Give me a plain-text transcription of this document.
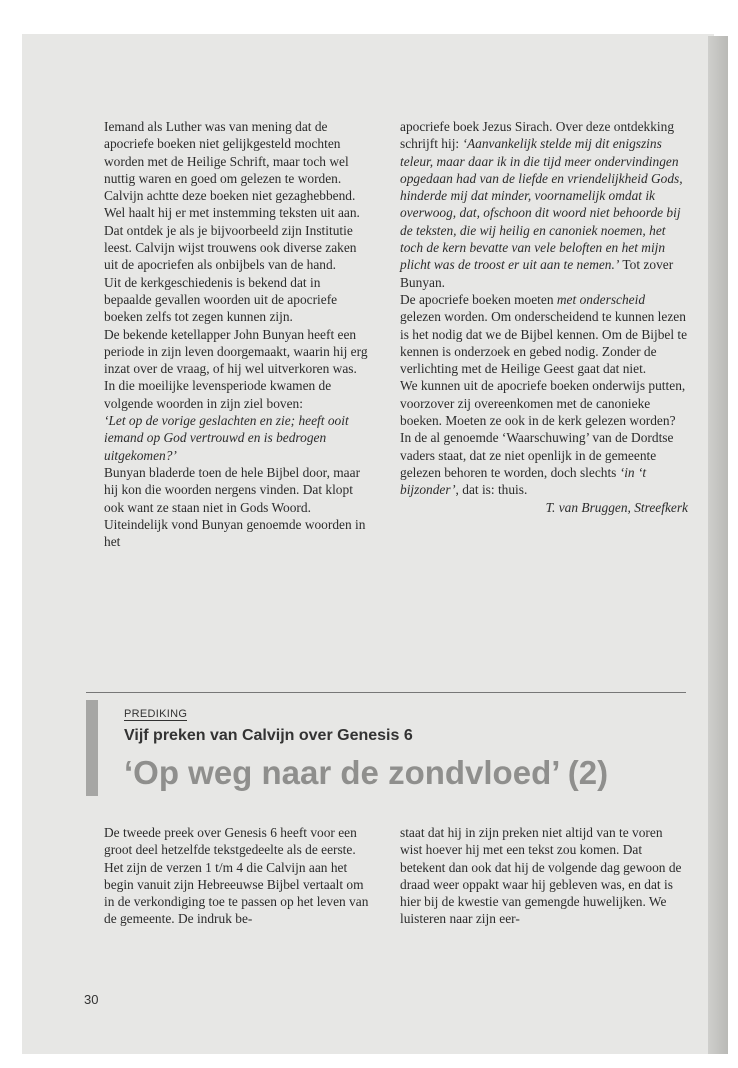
Iemand als Luther was van mening dat de apocriefe boeken niet gelijkgesteld mochten worden met de Heilige Schrift, maar toch wel nuttig waren en goed om gelezen te worden. Calvijn achtte deze boeken niet gezaghebbend. Wel haalt hij er met instemming teksten uit aan. Dat ontdek je als je bijvoorbeeld zijn Institutie leest. Calvijn wijst trouwens ook diverse zaken uit de apocriefen als onbijbels van de hand.

Uit de kerkgeschiedenis is bekend dat in bepaalde gevallen woorden uit de apocriefe boeken zelfs tot zegen kunnen zijn.

De bekende ketellapper John Bunyan heeft een periode in zijn leven doorgemaakt, waarin hij erg inzat over de vraag, of hij wel uitverkoren was. In die moeilijke levensperiode kwamen de volgende woorden in zijn ziel boven:

‘Let op de vorige geslachten en zie; heeft ooit iemand op God vertrouwd en is bedrogen uitgekomen?’

Bunyan bladerde toen de hele Bijbel door, maar hij kon die woorden nergens vinden. Dat klopt ook want ze staan niet in Gods Woord. Uiteindelijk vond Bunyan genoemde woorden in het

apocriefe boek Jezus Sirach. Over deze ontdekking schrijft hij: ‘Aanvankelijk stelde mij dit enigszins teleur, maar daar ik in die tijd meer ondervindingen opgedaan had van de liefde en vriendelijkheid Gods, hinderde mij dat minder, voornamelijk omdat ik overwoog, dat, ofschoon dit woord niet behoorde bij de teksten, die wij heilig en canoniek noemen, het toch de kern bevatte van vele beloften en het mijn plicht was de troost er uit aan te nemen.’ Tot zover Bunyan.

De apocriefe boeken moeten met onderscheid gelezen worden. Om onderscheidend te kunnen lezen is het nodig dat we de Bijbel kennen. Om de Bijbel te kennen is onderzoek en gebed nodig. Zonder de verlichting met de Heilige Geest gaat dat niet.

We kunnen uit de apocriefe boeken onderwijs putten, voorzover zij overeenkomen met de canonieke boeken. Moeten ze ook in de kerk gelezen worden? In de al genoemde ‘Waarschuwing’ van de Dordtse vaders staat, dat ze niet openlijk in de gemeente gelezen behoren te worden, doch slechts ‘in ‘t bijzonder’, dat is: thuis.

T. van Bruggen, Streefkerk

PREDIKING
Vijf preken van Calvijn over Genesis 6
‘Op weg naar de zondvloed’ (2)

De tweede preek over Genesis 6 heeft voor een groot deel hetzelfde tekstgedeelte als de eerste. Het zijn de verzen 1 t/m 4 die Calvijn aan het begin vanuit zijn Hebreeuwse Bijbel vertaalt om in de verkondiging toe te passen op het leven van de gemeente. De indruk be-

staat dat hij in zijn preken niet altijd van te voren wist hoever hij met een tekst zou komen. Dat betekent dan ook dat hij de volgende dag gewoon de draad weer oppakt waar hij gebleven was, en dat is hier bij de kwestie van gemengde huwelijken. We luisteren naar zijn eer-

30
